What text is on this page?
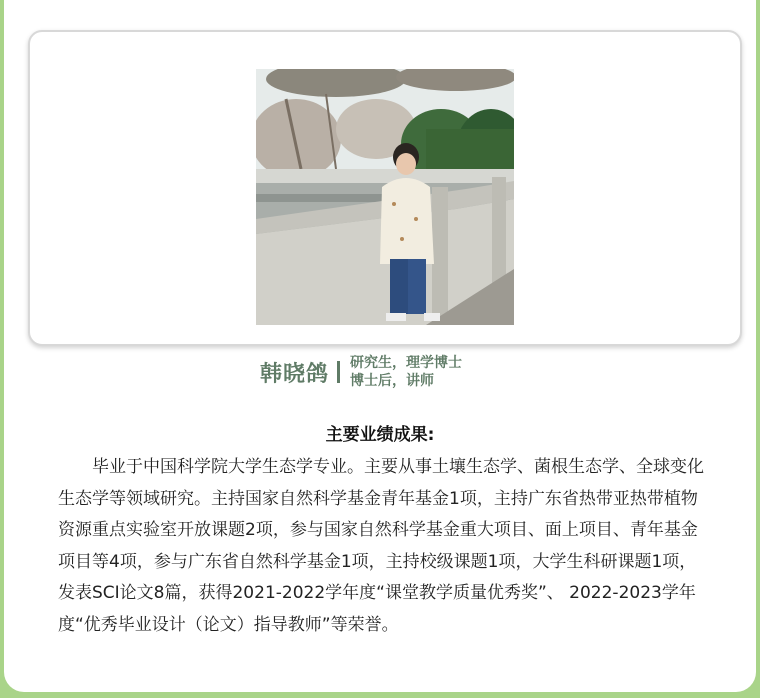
韩晓鸽 研究生，理学博士
博士后，讲师
主要业绩成果:

毕业于中国科学院大学生态学专业。主要从事土壤生态学、菌根生态学、全球变化生态学等领域研究。主持国家自然科学基金青年基金1项，主持广东省热带亚热带植物资源重点实验室开放课题2项，参与国家自然科学基金重大项目、面上项目、青年基金项目等4项，参与广东省自然科学基金1项，主持校级课题1项，大学生科研课题1项，发表SCI论文8篇，获得2021-2022学年度“课堂教学质量优秀奖”、 2022-2023学年度“优秀毕业设计（论文）指导教师”等荣誉。
